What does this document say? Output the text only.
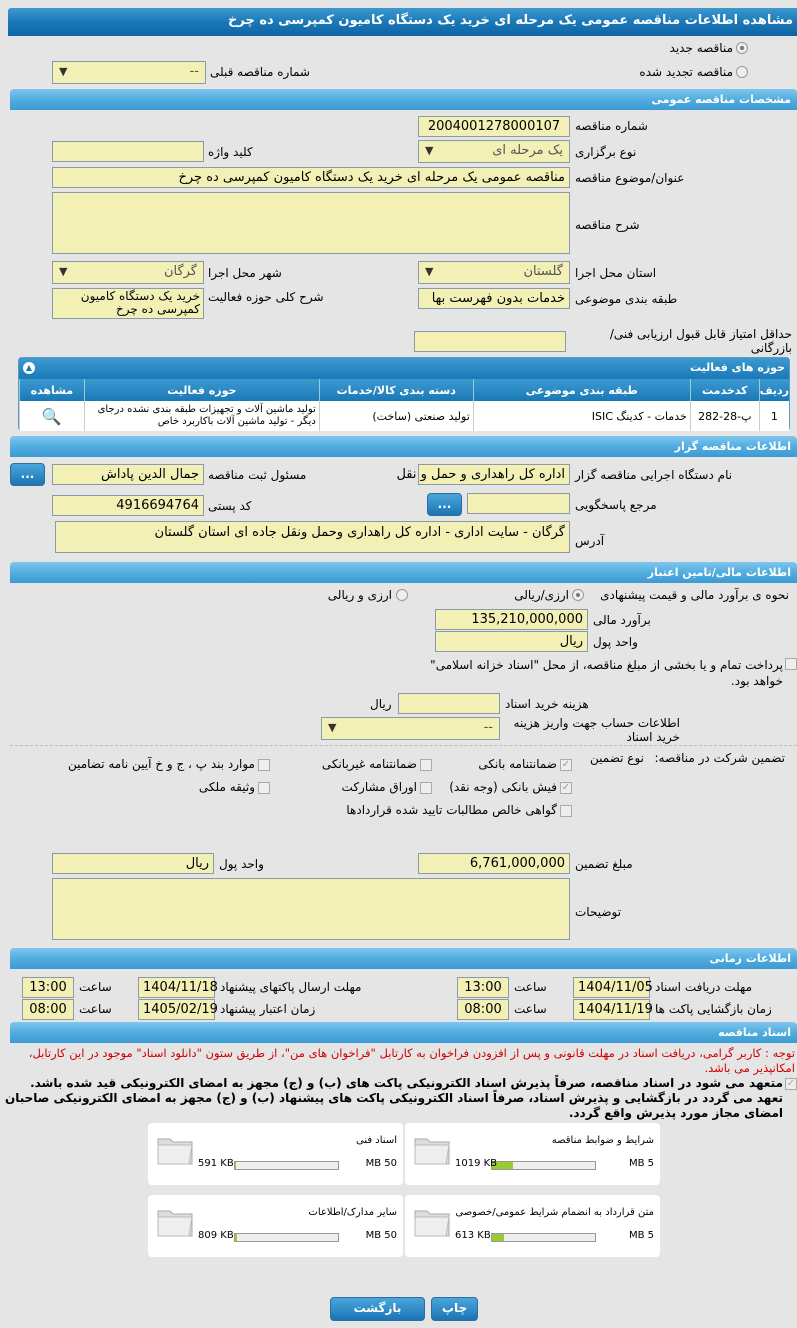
مشاهده اطلاعات مناقصه عمومی یک مرحله ای خرید یک دستگاه کامیون کمپرسی ده چرخ
مناقصه جدید
مناقصه تجدید شده
--
▼	شماره مناقصه قبلی
مشخصات مناقصه عمومی
2004001278000107	شماره مناقصه
یک مرحله ای
▼	نوع برگزاری
کلید واژه
مناقصه عمومی یک مرحله ای خرید یک دستگاه کامیون کمپرسی ده چرخ عنوان/موضوع مناقصه
شرح مناقصه
گلستان
▼	استان محل اجرا
گرگان
▼	شهر محل اجرا
خدمات بدون فهرست بها طبقه بندی موضوعی
خرید یک دستگاه کامیون کمپرسی ده چرخ
شرح کلی حوزه فعالیت
حداقل امتیاز قابل قبول ارزیابی فنی/بازرگانی
حوزه های فعالیت
▲
ردیف	کدخدمت	طبقه بندی موضوعی	دسته بندی کالا/خدمات	حوزه فعالیت	مشاهده
1	پ-28-282	خدمات - کدینگ ISIC	تولید صنعتی (ساخت)	تولید ماشین آلات و تجهیزات طبقه بندی نشده درجای دیگر - تولید ماشین آلات باکاربرد خاص	🔍
اطلاعات مناقصه گزار
اداره کل راهداری و حمل و نقل نام دستگاه اجرایی مناقصه گزار
جمال الدین پاداش مسئول ثبت مناقصه
...
...	مرجع پاسخگویی
4916694764 کد پستی
گرگان - سایت اداری - اداره کل راهداری وحمل ونقل جاده ای استان گلستان
آدرس
اطلاعات مالی/تامین اعتبار
نحوه ی برآورد مالی و قیمت پیشنهادی
ارزی/ریالی
ارزی و ریالی
135,210,000,000 برآورد مالی
ریال واحد پول
پرداخت تمام و یا بخشی از مبلغ مناقصه، از محل "اسناد خزانه اسلامی" خواهد بود.
ریال	هزینه خرید اسناد
--
▼	اطلاعات حساب جهت واریز هزینه خرید اسناد
تضمین شرکت در مناقصه:
نوع تضمین
✓
ضمانتنامه بانکی
ضمانتنامه غیربانکی
موارد بند پ ، ج و خ آیین نامه تضامین
✓
فیش بانکی (وجه نقد)
اوراق مشارکت
وثیقه ملکی
گواهی خالص مطالبات تایید شده قراردادها
6,761,000,000 مبلغ تضمین
ریال واحد پول
توضیحات
اطلاعات زمانی
مهلت دریافت اسناد
1404/11/05
ساعت
13:00
مهلت ارسال پاکتهای پیشنهاد
1404/11/18
ساعت
13:00
زمان بازگشایی پاکت ها
1404/11/19
ساعت
08:00
زمان اعتبار پیشنهاد
1405/02/19
ساعت
08:00
اسناد مناقصه
توجه : کاربر گرامی، دریافت اسناد در مهلت قانونی و پس از افزودن فراخوان به کارتابل "فراخوان های من"، از طریق ستون "دانلود اسناد" موجود در این کارتابل، امکانپذیر می باشد.
✓
متعهد می شود در اسناد مناقصه، صرفاً پذیرش اسناد الکترونیکی پاکت های (ب) و (ج) مجهز به امضای الکترونیکی قید شده باشد. تعهد می گردد در بازگشایی و پذیرش اسناد، صرفاً اسناد الکترونیکی پاکت های پیشنهاد (ب) و (ج) مجهز به امضای الکترونیکی صاحبان امضای مجاز مورد پذیرش واقع گردد.
شرایط و ضوابط مناقصه
5 MB
1019 KB
اسناد فنی
50 MB
591 KB
متن قرارداد به انضمام شرایط عمومی/خصوصی
5 MB
613 KB
سایر مدارک/اطلاعات
50 MB
809 KB
چاپ
بازگشت
